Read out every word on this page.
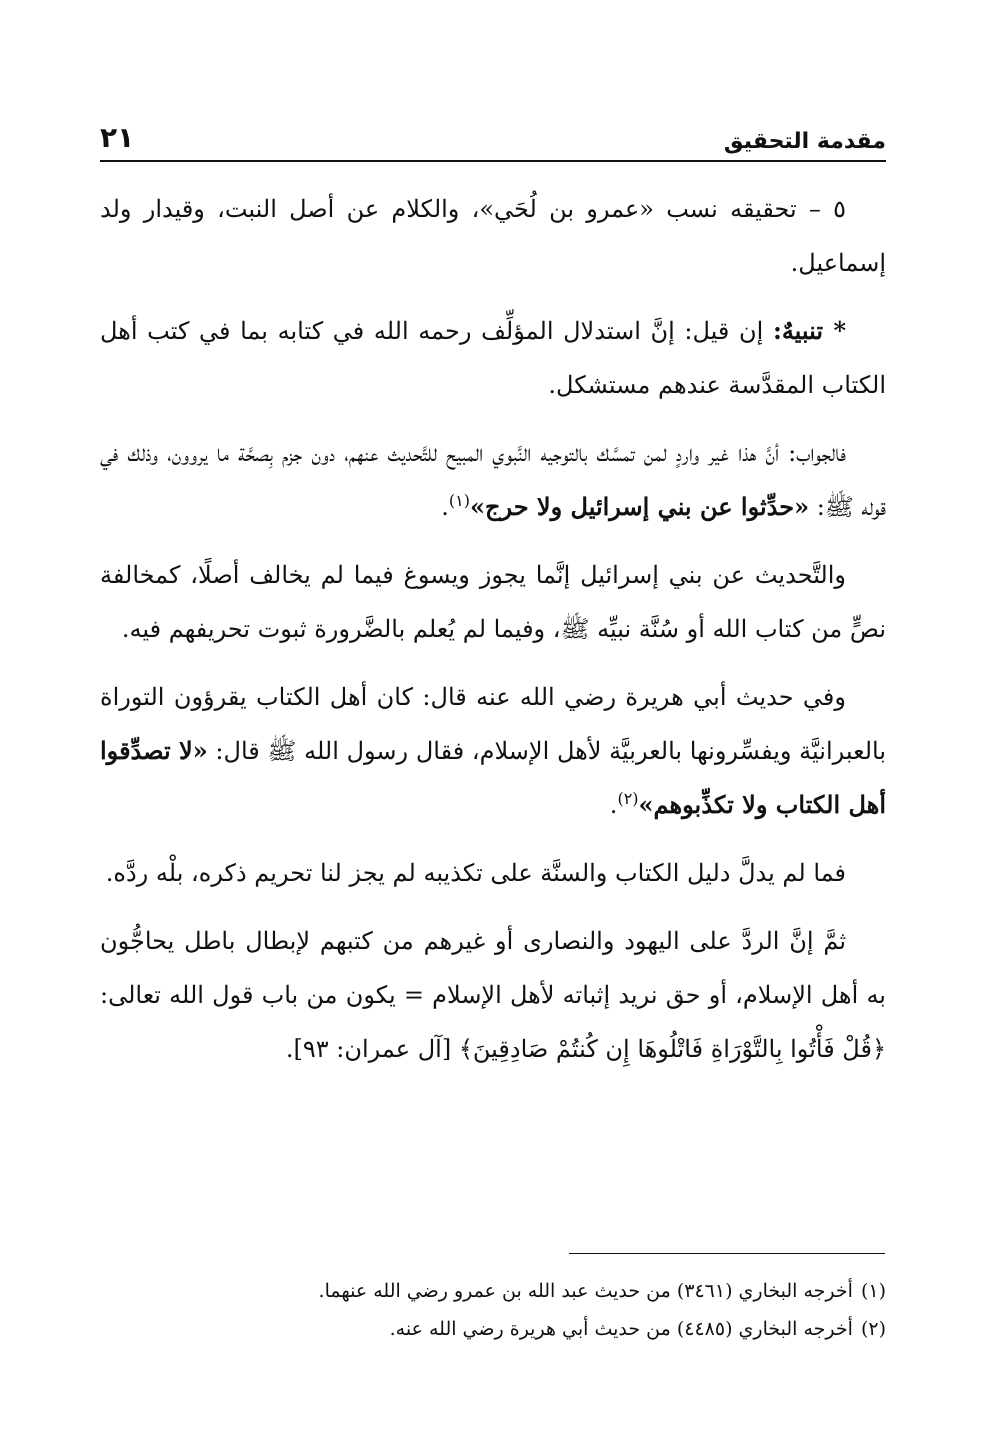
مقدمة التحقيق
٢١

٥ – تحقيقه نسب «عمرو بن لُحَي»، والكلام عن أصل النبت، وقيدار ولد إسماعيل.

* تنبيهٌ: إن قيل: إنَّ استدلال المؤلِّف رحمه الله في كتابه بما في كتب أهل الكتاب المقدَّسة عندهم مستشكل.

فالجواب: أنَّ هذا غير واردٍ لمن تمسَّك بالتوجيه النَّبوي المبيح للتَّحديث عنهم، دون جزم بِصحَّة ما يروون، وذلك في قوله ﷺ: «حدِّثوا عن بني إسرائيل ولا حرج»$^{(١)}$.

والتَّحديث عن بني إسرائيل إنَّما يجوز ويسوغ فيما لم يخالف أصلًا، كمخالفة نصٍّ من كتاب الله أو سُنَّة نبيِّه ﷺ، وفيما لم يُعلم بالضَّرورة ثبوت تحريفهم فيه.

وفي حديث أبي هريرة رضي الله عنه قال: كان أهل الكتاب يقرؤون التوراة بالعبرانيَّة ويفسِّرونها بالعربيَّة لأهل الإسلام، فقال رسول الله ﷺ قال: «لا تصدِّقوا أهل الكتاب ولا تكذِّبوهم»$^{(٢)}$.

فما لم يدلَّ دليل الكتاب والسنَّة على تكذيبه لم يجز لنا تحريم ذكره، بلْه ردَّه.

ثمَّ إنَّ الردَّ على اليهود والنصارى أو غيرهم من كتبهم لإبطال باطل يحاجُّون به أهل الإسلام، أو حق نريد إثباته لأهل الإسلام = يكون من باب قول الله تعالى: ﴿قُلْ فَأْتُوا بِالتَّوْرَاةِ فَاتْلُوهَا إِن كُنتُمْ صَادِقِينَ﴾ [آل عمران: ٩٣].

(١)أخرجه البخاري (٣٤٦١) من حديث عبد الله بن عمرو رضي الله عنهما.

(٢)أخرجه البخاري (٤٤٨٥) من حديث أبي هريرة رضي الله عنه.
